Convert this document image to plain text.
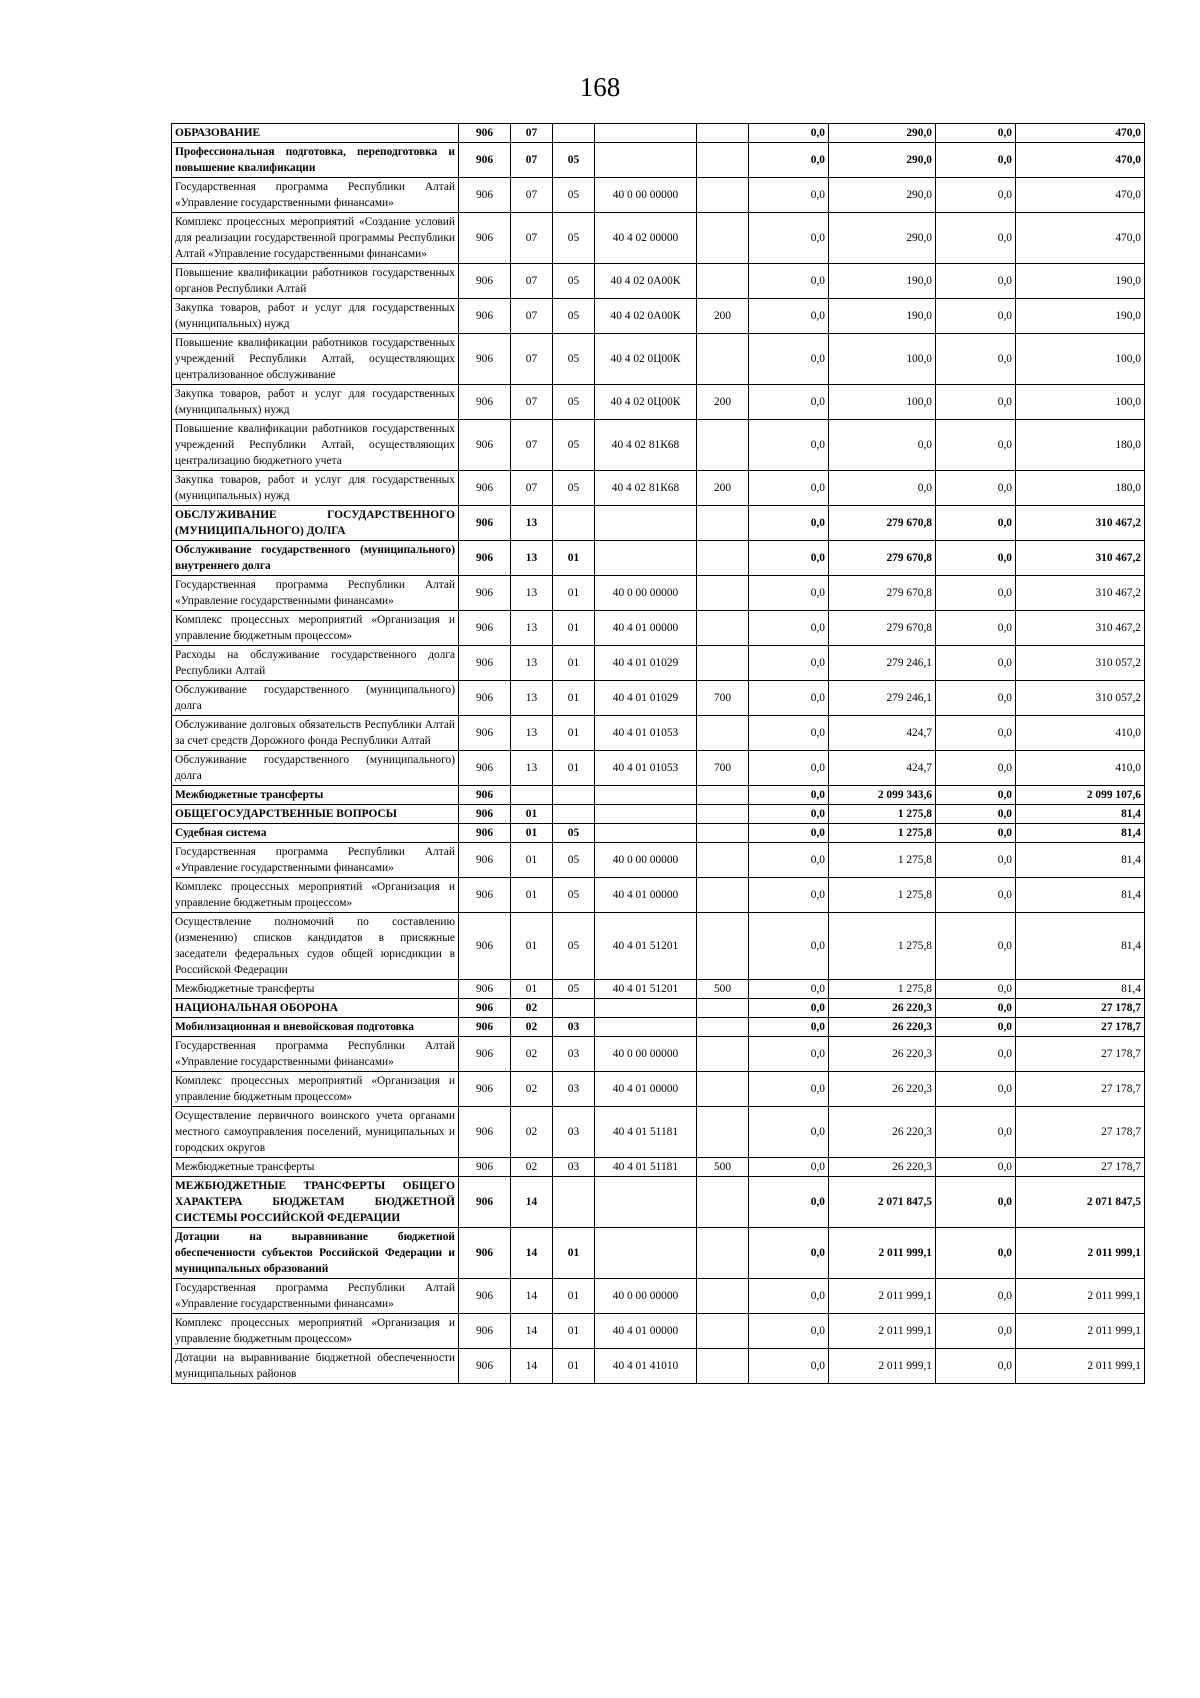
168
ОБРАЗОВАНИЕ	906	07				0,0	290,0	0,0	470,0
Профессиональная подготовка, переподготовка и повышение квалификации	906	07	05			0,0	290,0	0,0	470,0
Государственная программа Республики Алтай «Управление государственными финансами»	906	07	05	40 0 00 00000		0,0	290,0	0,0	470,0
Комплекс процессных мероприятий «Создание условий для реализации государственной программы Республики Алтай «Управление государственными финансами»	906	07	05	40 4 02 00000		0,0	290,0	0,0	470,0
Повышение квалификации работников государственных органов Республики Алтай	906	07	05	40 4 02 0А00К		0,0	190,0	0,0	190,0
Закупка товаров, работ и услуг для государственных (муниципальных) нужд	906	07	05	40 4 02 0А00К	200	0,0	190,0	0,0	190,0
Повышение квалификации работников государственных учреждений Республики Алтай, осуществляющих централизованное обслуживание	906	07	05	40 4 02 0Ц00К		0,0	100,0	0,0	100,0
Закупка товаров, работ и услуг для государственных (муниципальных) нужд	906	07	05	40 4 02 0Ц00К	200	0,0	100,0	0,0	100,0
Повышение квалификации работников государственных учреждений Республики Алтай, осуществляющих централизацию бюджетного учета	906	07	05	40 4 02 81К68		0,0	0,0	0,0	180,0
Закупка товаров, работ и услуг для государственных (муниципальных) нужд	906	07	05	40 4 02 81К68	200	0,0	0,0	0,0	180,0
ОБСЛУЖИВАНИЕ ГОСУДАРСТВЕННОГО (МУНИЦИПАЛЬНОГО) ДОЛГА	906	13				0,0	279 670,8	0,0	310 467,2
Обслуживание государственного (муниципального) внутреннего долга	906	13	01			0,0	279 670,8	0,0	310 467,2
Государственная программа Республики Алтай «Управление государственными финансами»	906	13	01	40 0 00 00000		0,0	279 670,8	0,0	310 467,2
Комплекс процессных мероприятий «Организация и управление бюджетным процессом»	906	13	01	40 4 01 00000		0,0	279 670,8	0,0	310 467,2
Расходы на обслуживание государственного долга Республики Алтай	906	13	01	40 4 01 01029		0,0	279 246,1	0,0	310 057,2
Обслуживание государственного (муниципального) долга	906	13	01	40 4 01 01029	700	0,0	279 246,1	0,0	310 057,2
Обслуживание долговых обязательств Республики Алтай за счет средств Дорожного фонда Республики Алтай	906	13	01	40 4 01 01053		0,0	424,7	0,0	410,0
Обслуживание государственного (муниципального) долга	906	13	01	40 4 01 01053	700	0,0	424,7	0,0	410,0
Межбюджетные трансферты	906					0,0	2 099 343,6	0,0	2 099 107,6
ОБЩЕГОСУДАРСТВЕННЫЕ ВОПРОСЫ	906	01				0,0	1 275,8	0,0	81,4
Судебная система	906	01	05			0,0	1 275,8	0,0	81,4
Государственная программа Республики Алтай «Управление государственными финансами»	906	01	05	40 0 00 00000		0,0	1 275,8	0,0	81,4
Комплекс процессных мероприятий «Организация и управление бюджетным процессом»	906	01	05	40 4 01 00000		0,0	1 275,8	0,0	81,4
Осуществление полномочий по составлению (изменению) списков кандидатов в присяжные заседатели федеральных судов общей юрисдикции в Российской Федерации	906	01	05	40 4 01 51201		0,0	1 275,8	0,0	81,4
Межбюджетные трансферты	906	01	05	40 4 01 51201	500	0,0	1 275,8	0,0	81,4
НАЦИОНАЛЬНАЯ ОБОРОНА	906	02				0,0	26 220,3	0,0	27 178,7
Мобилизационная и вневойсковая подготовка	906	02	03			0,0	26 220,3	0,0	27 178,7
Государственная программа Республики Алтай «Управление государственными финансами»	906	02	03	40 0 00 00000		0,0	26 220,3	0,0	27 178,7
Комплекс процессных мероприятий «Организация и управление бюджетным процессом»	906	02	03	40 4 01 00000		0,0	26 220,3	0,0	27 178,7
Осуществление первичного воинского учета органами местного самоуправления поселений, муниципальных и городских округов	906	02	03	40 4 01 51181		0,0	26 220,3	0,0	27 178,7
Межбюджетные трансферты	906	02	03	40 4 01 51181	500	0,0	26 220,3	0,0	27 178,7
МЕЖБЮДЖЕТНЫЕ ТРАНСФЕРТЫ ОБЩЕГО ХАРАКТЕРА БЮДЖЕТАМ БЮДЖЕТНОЙ СИСТЕМЫ РОССИЙСКОЙ ФЕДЕРАЦИИ	906	14				0,0	2 071 847,5	0,0	2 071 847,5
Дотации на выравнивание бюджетной обеспеченности субъектов Российской Федерации и муниципальных образований	906	14	01			0,0	2 011 999,1	0,0	2 011 999,1
Государственная программа Республики Алтай «Управление государственными финансами»	906	14	01	40 0 00 00000		0,0	2 011 999,1	0,0	2 011 999,1
Комплекс процессных мероприятий «Организация и управление бюджетным процессом»	906	14	01	40 4 01 00000		0,0	2 011 999,1	0,0	2 011 999,1
Дотации на выравнивание бюджетной обеспеченности муниципальных районов	906	14	01	40 4 01 41010		0,0	2 011 999,1	0,0	2 011 999,1
